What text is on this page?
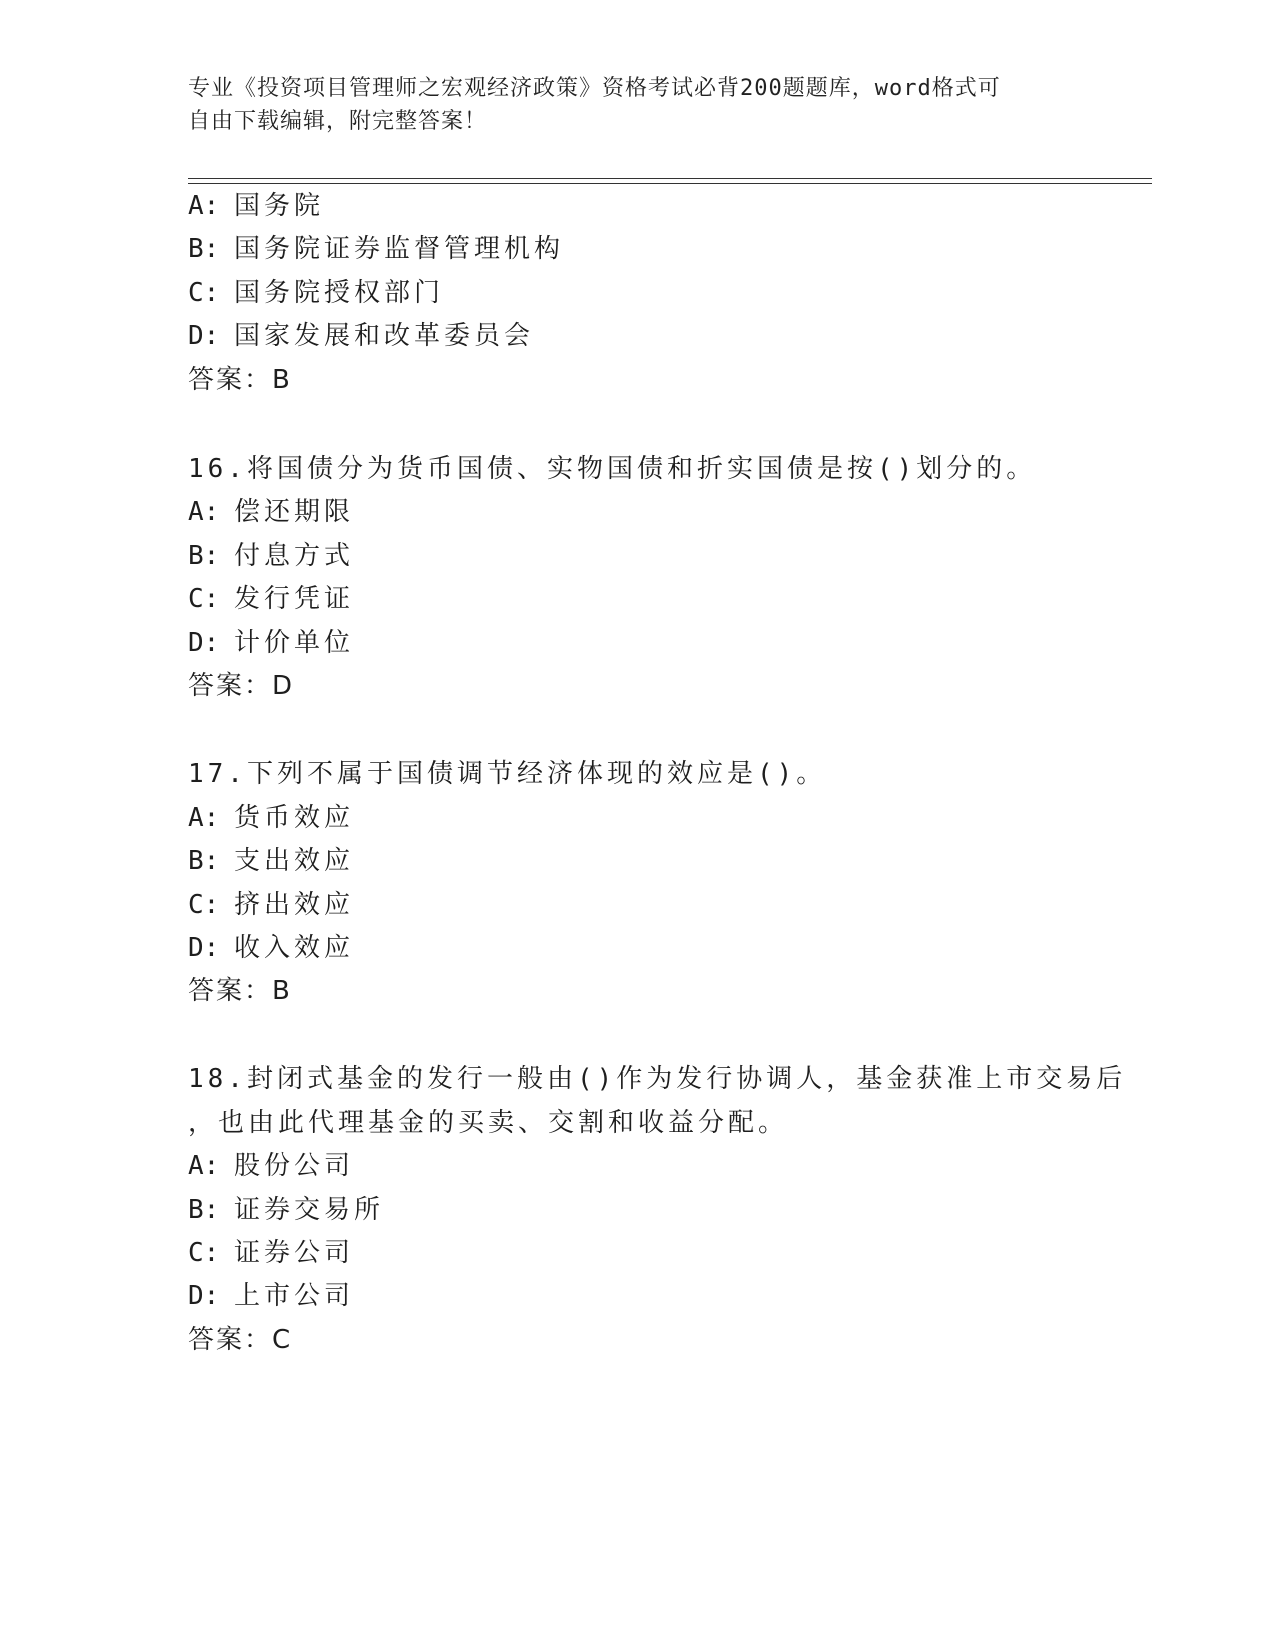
专业《投资项目管理师之宏观经济政策》资格考试必背200题题库，word格式可
自由下载编辑，附完整答案！
A: 国务院
B: 国务院证券监督管理机构
C: 国务院授权部门
D: 国家发展和改革委员会
答案：B
16.将国债分为货币国债、实物国债和折实国债是按()划分的。
A: 偿还期限
B: 付息方式
C: 发行凭证
D: 计价单位
答案：D
17.下列不属于国债调节经济体现的效应是()。
A: 货币效应
B: 支出效应
C: 挤出效应
D: 收入效应
答案：B
18.封闭式基金的发行一般由()作为发行协调人，基金获准上市交易后
，也由此代理基金的买卖、交割和收益分配。
A: 股份公司
B: 证券交易所
C: 证券公司
D: 上市公司
答案：C
